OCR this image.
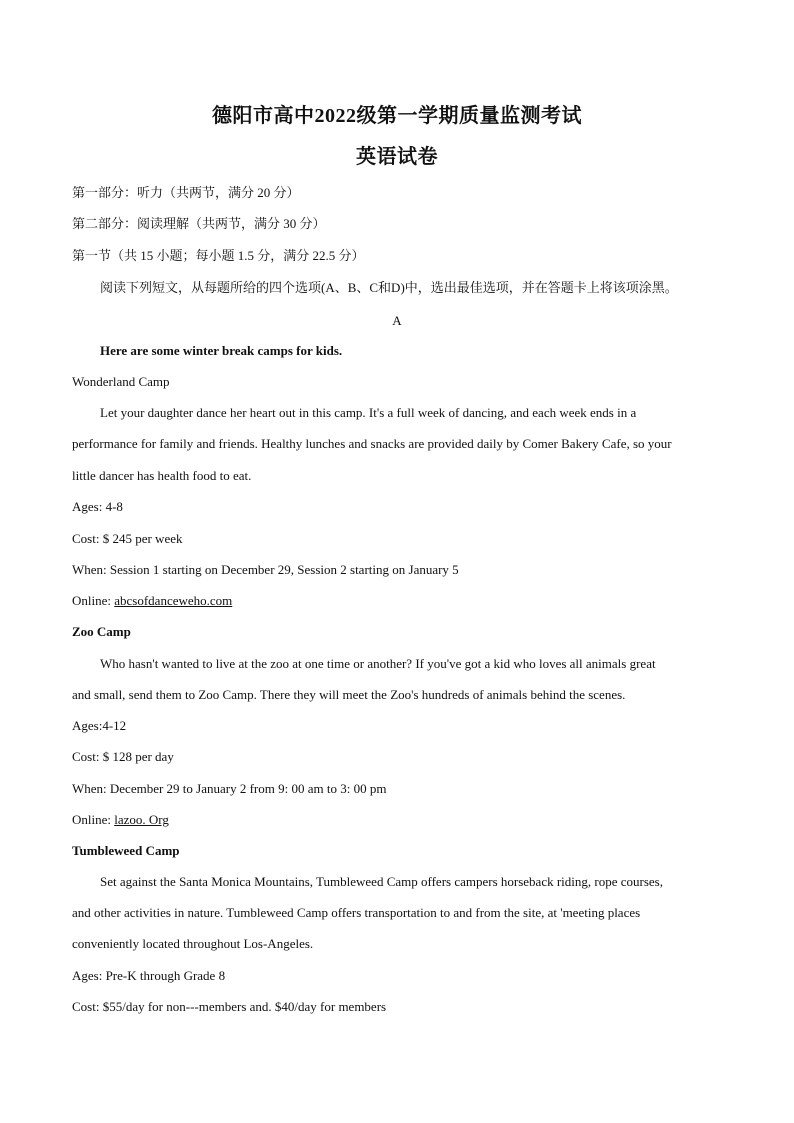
德阳市高中2022级第一学期质量监测考试
英语试卷
第一部分：听力（共两节，满分 20 分）
第二部分：阅读理解（共两节，满分 30 分）
第一节（共 15 小题；每小题 1.5 分，满分 22.5 分）
阅读下列短文，从每题所给的四个选项(A、B、C和D)中，选出最佳选项，并在答题卡上将该项涂黑。
A
Here are some winter break camps for kids.
Wonderland Camp
Let your daughter dance her heart out in this camp. It's a full week of dancing, and each week ends in a
performance for family and friends. Healthy lunches and snacks are provided daily by Comer Bakery Cafe, so your
little dancer has health food to eat.
Ages: 4-8
Cost: $ 245 per week
When: Session 1 starting on December 29, Session 2 starting on January 5
Online: abcsofdanceweho.com
Zoo Camp
Who hasn't wanted to live at the zoo at one time or another? If you've got a kid who loves all animals great
and small, send them to Zoo Camp. There they will meet the Zoo's hundreds of animals behind the scenes.
Ages:4-12
Cost: $ 128 per day
When: December 29 to January 2 from 9: 00 am to 3: 00 pm
Online: lazoo. Org
Tumbleweed Camp
Set against the Santa Monica Mountains, Tumbleweed Camp offers campers horseback riding, rope courses,
and other activities in nature. Tumbleweed Camp offers transportation to and from the site, at 'meeting places
conveniently located throughout Los-Angeles.
Ages: Pre-K through Grade 8
Cost: $55/day for non---members and. $40/day for members
